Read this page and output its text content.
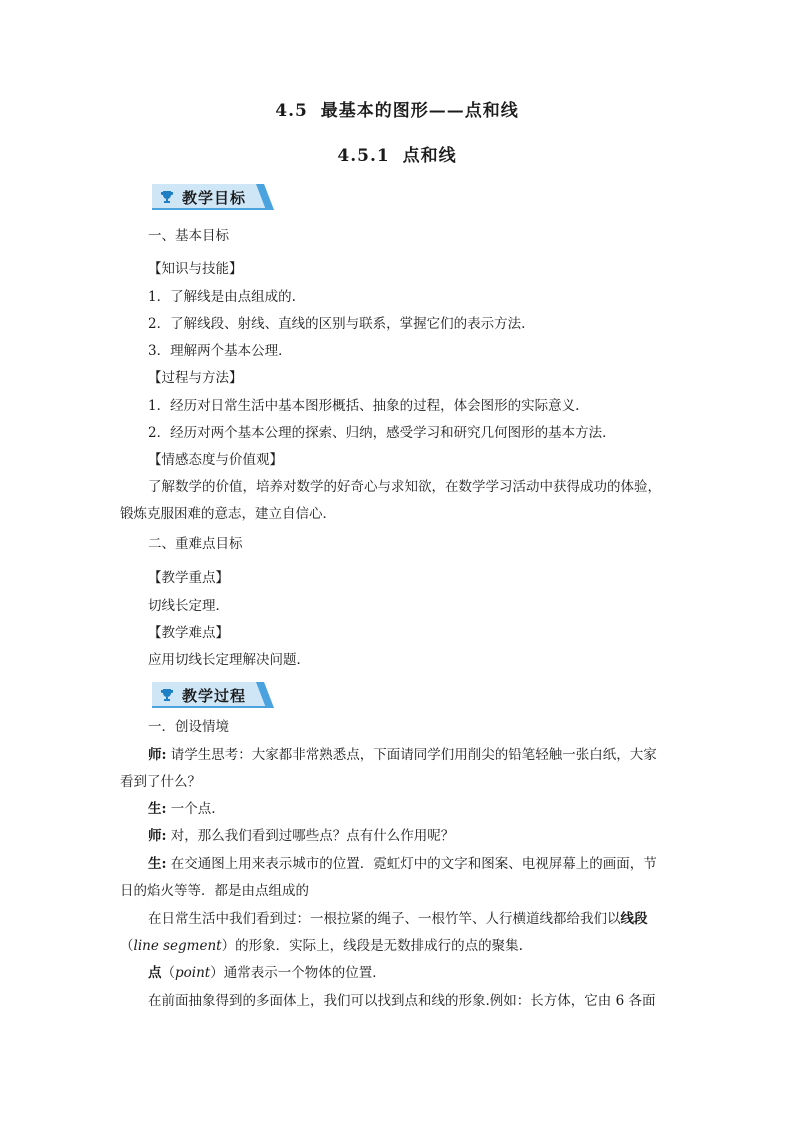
4.5 最基本的图形——点和线
4.5.1 点和线
教学目标
一、基本目标
【知识与技能】
1．了解线是由点组成的.
2．了解线段、射线、直线的区别与联系，掌握它们的表示方法.
3．理解两个基本公理．
【过程与方法】
1．经历对日常生活中基本图形概括、抽象的过程，体会图形的实际意义.
2．经历对两个基本公理的探索、归纳，感受学习和研究几何图形的基本方法．
【情感态度与价值观】
了解数学的价值，培养对数学的好奇心与求知欲，在数学学习活动中获得成功的体验，
锻炼克服困难的意志，建立自信心．
二、重难点目标
【教学重点】
切线长定理．
【教学难点】
应用切线长定理解决问题．
教学过程
一．创设情境
师: 请学生思考：大家都非常熟悉点，下面请同学们用削尖的铅笔轻触一张白纸，大家
看到了什么？
生: 一个点.
师: 对，那么我们看到过哪些点？点有什么作用呢？
生: 在交通图上用来表示城市的位置．霓虹灯中的文字和图案、电视屏幕上的画面，节
日的焰火等等．都是由点组成的
在日常生活中我们看到过：一根拉紧的绳子、一根竹竿、人行横道线都给我们以线段
（line segment）的形象．实际上，线段是无数排成行的点的聚集.
点（point）通常表示一个物体的位置．
在前面抽象得到的多面体上，我们可以找到点和线的形象.例如：长方体，它由 6 各面
